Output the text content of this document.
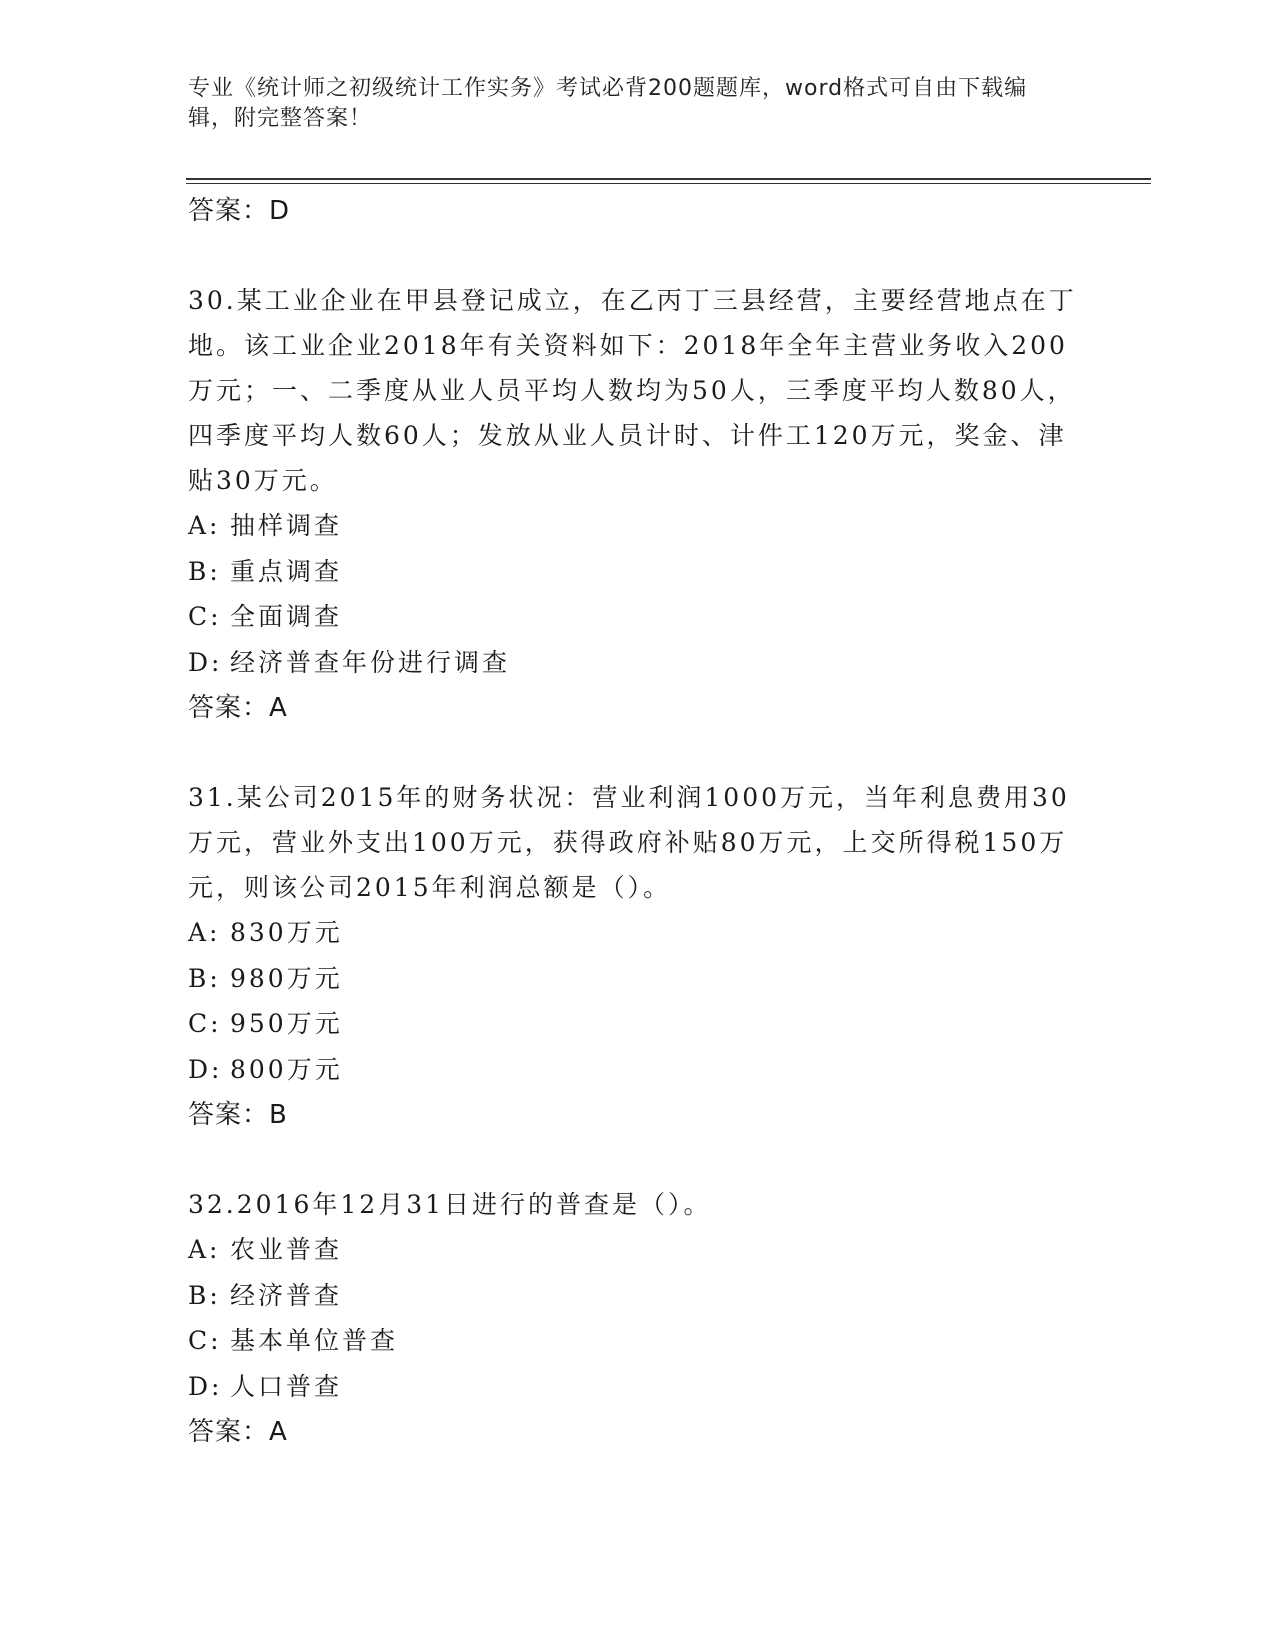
专业《统计师之初级统计工作实务》考试必背200题题库，word格式可自由下载编辑，附完整答案！
答案：D
30.某工业企业在甲县登记成立，在乙丙丁三县经营，主要经营地点在丁地。该工业企业2018年有关资料如下：2018年全年主营业务收入200万元；一、二季度从业人员平均人数均为50人，三季度平均人数80人，四季度平均人数60人；发放从业人员计时、计件工120万元，奖金、津贴30万元。
A: 抽样调查
B: 重点调查
C: 全面调查
D: 经济普查年份进行调查
答案：A
31.某公司2015年的财务状况：营业利润1000万元，当年利息费用30万元，营业外支出100万元，获得政府补贴80万元，上交所得税150万元，则该公司2015年利润总额是（）。
A: 830万元
B: 980万元
C: 950万元
D: 800万元
答案：B
32.2016年12月31日进行的普查是（）。
A: 农业普查
B: 经济普查
C: 基本单位普查
D: 人口普查
答案：A
